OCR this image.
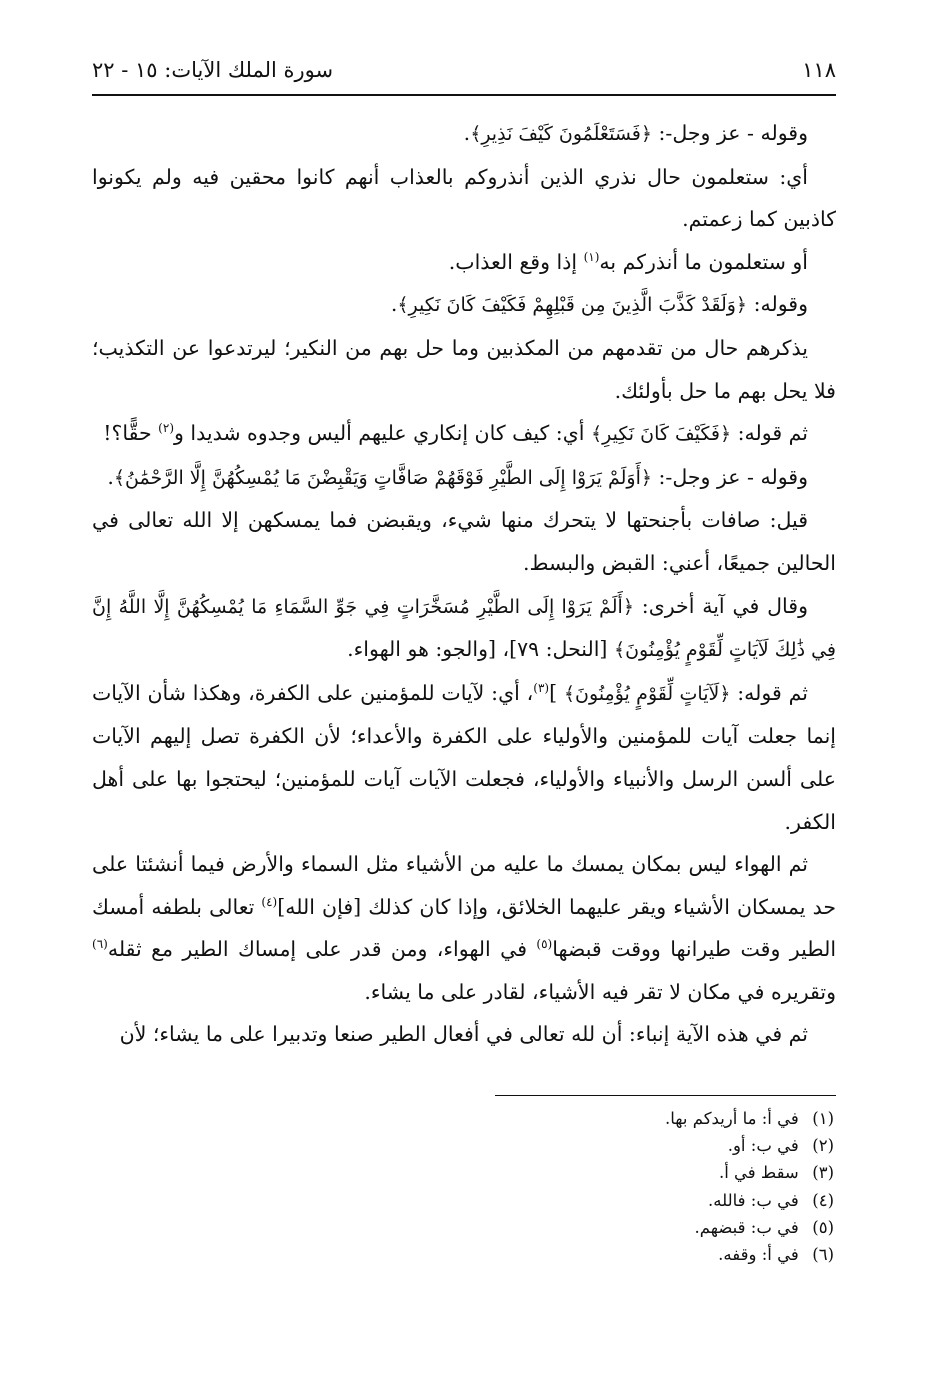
١١٨
سورة الملك الآيات: ١٥ - ٢٢

وقوله - عز وجل-: ﴿فَسَتَعْلَمُونَ كَيْفَ نَذِيرِ﴾.

أي: ستعلمون حال نذري الذين أنذروكم بالعذاب أنهم كانوا محقين فيه ولم يكونوا كاذبين كما زعمتم.

أو ستعلمون ما أنذركم به$^{(١)}$ إذا وقع العذاب.

وقوله: ﴿وَلَقَدْ كَذَّبَ الَّذِينَ مِن قَبْلِهِمْ فَكَيْفَ كَانَ نَكِيرِ﴾.

يذكرهم حال من تقدمهم من المكذبين وما حل بهم من النكير؛ ليرتدعوا عن التكذيب؛ فلا يحل بهم ما حل بأولئك.

ثم قوله: ﴿فَكَيْفَ كَانَ نَكِيرِ﴾ أي: كيف كان إنكاري عليهم أليس وجدوه شديدا و$^{(٢)}$ حقًّا؟!

وقوله - عز وجل-: ﴿أَوَلَمْ يَرَوْا إِلَى الطَّيْرِ فَوْقَهُمْ صَافَّاتٍ وَيَقْبِضْنَ مَا يُمْسِكُهُنَّ إِلَّا الرَّحْمَٰنُ﴾.

قيل: صافات بأجنحتها لا يتحرك منها شيء، ويقبضن فما يمسكهن إلا الله تعالى في الحالين جميعًا، أعني: القبض والبسط.

وقال في آية أخرى: ﴿أَلَمْ يَرَوْا إِلَى الطَّيْرِ مُسَخَّرَاتٍ فِي جَوِّ السَّمَاءِ مَا يُمْسِكُهُنَّ إِلَّا اللَّهُ إِنَّ فِي ذَٰلِكَ لَآيَاتٍ لِّقَوْمٍ يُؤْمِنُونَ﴾ [النحل: ٧٩]، [والجو: هو الهواء.

ثم قوله: ﴿لَآيَاتٍ لِّقَوْمٍ يُؤْمِنُونَ﴾ ]$^{(٣)}$، أي: لآيات للمؤمنين على الكفرة، وهكذا شأن الآيات إنما جعلت آيات للمؤمنين والأولياء على الكفرة والأعداء؛ لأن الكفرة تصل إليهم الآيات على ألسن الرسل والأنبياء والأولياء، فجعلت الآيات آيات للمؤمنين؛ ليحتجوا بها على أهل الكفر.

ثم الهواء ليس بمكان يمسك ما عليه من الأشياء مثل السماء والأرض فيما أنشئتا على حد يمسكان الأشياء ويقر عليهما الخلائق، وإذا كان كذلك [فإن الله]$^{(٤)}$ تعالى بلطفه أمسك الطير وقت طيرانها ووقت قبضها$^{(٥)}$ في الهواء، ومن قدر على إمساك الطير مع ثقله$^{(٦)}$ وتقريره في مكان لا تقر فيه الأشياء، لقادر على ما يشاء.

ثم في هذه الآية إنباء: أن لله تعالى في أفعال الطير صنعا وتدبيرا على ما يشاء؛ لأن

(١) في أ: ما أريدكم بها.
(٢) في ب: أو.
(٣) سقط في أ.
(٤) في ب: فالله.
(٥) في ب: قبضهم.
(٦) في أ: وقفه.
